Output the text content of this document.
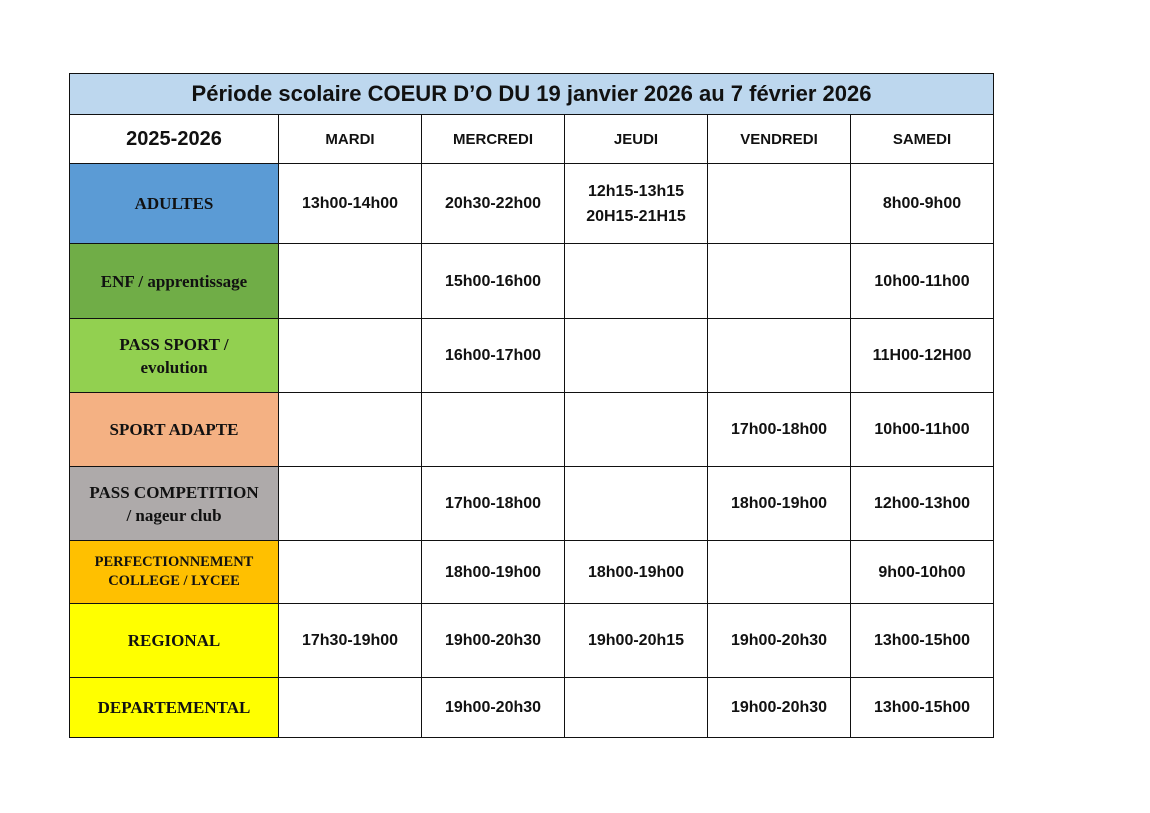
Période scolaire COEUR D’O DU 19 janvier 2026 au 7 février 2026					
2025-2026	MARDI	MERCREDI	JEUDI	VENDREDI	SAMEDI

ADULTES	13h00-14h00	20h30-22h00	12h15-13h15
20H15-21H15		8h00-9h00

ENF / apprentissage		15h00-16h00			10h00-11h00

PASS SPORT /
evolution		16h00-17h00			11H00-12H00

SPORT ADAPTE				17h00-18h00	10h00-11h00

PASS COMPETITION
/ nageur club		17h00-18h00		18h00-19h00	12h00-13h00

PERFECTIONNEMENT
COLLEGE / LYCEE		18h00-19h00	18h00-19h00		9h00-10h00

REGIONAL	17h30-19h00	19h00-20h30	19h00-20h15	19h00-20h30	13h00-15h00

DEPARTEMENTAL		19h00-20h30		19h00-20h30	13h00-15h00
